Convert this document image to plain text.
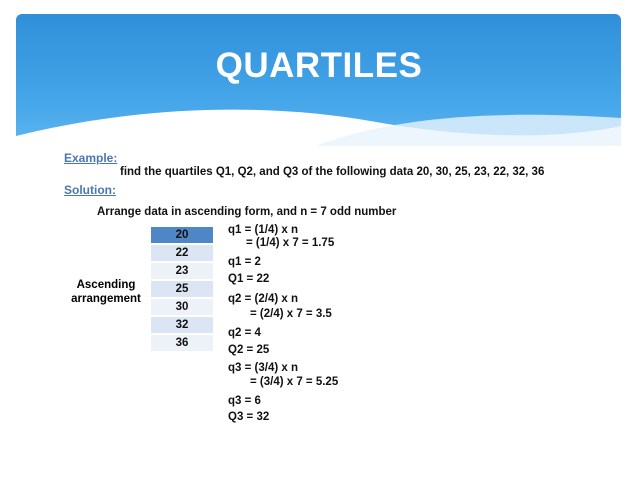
QUARTILES
Example:
find the quartiles Q1, Q2, and Q3 of the following data 20, 30, 25, 23, 22, 32, 36
Solution:
Arrange data in ascending form, and n = 7 odd number
Ascending
arrangement
20
22
23
25
30
32
36
q1 = (1/4) x n
= (1/4) x 7 = 1.75
q1 = 2
Q1 = 22
q2 = (2/4) x n
= (2/4) x 7 = 3.5
q2 = 4
Q2 = 25
q3 = (3/4) x n
= (3/4) x 7 = 5.25
q3 = 6
Q3 = 32
